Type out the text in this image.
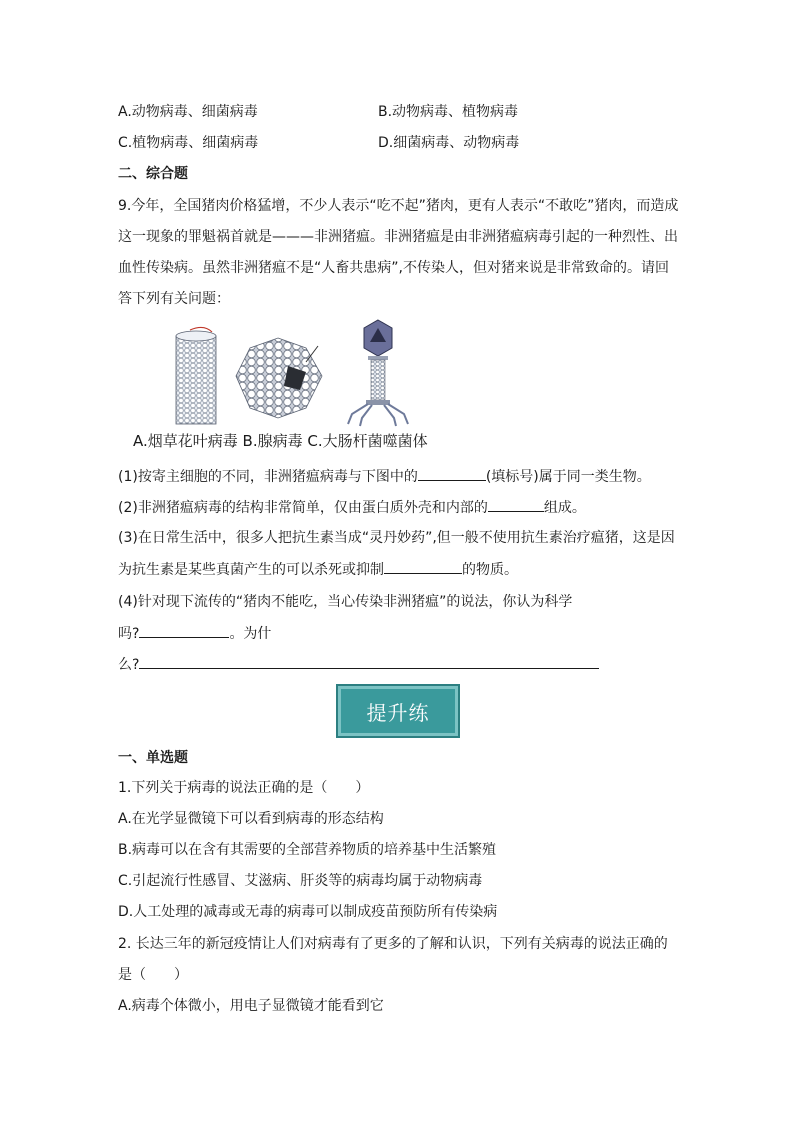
A.动物病毒、细菌病毒	B.动物病毒、植物病毒
C.植物病毒、细菌病毒	D.细菌病毒、动物病毒
二、综合题
9.今年，全国猪肉价格猛增，不少人表示“吃不起”猪肉，更有人表示“不敢吃”猪肉，而造成
这一现象的罪魁祸首就是———非洲猪瘟。非洲猪瘟是由非洲猪瘟病毒引起的一种烈性、出
血性传染病。虽然非洲猪瘟不是“人畜共患病”,不传染人，但对猪来说是非常致命的。请回
答下列有关问题：
A.烟草花叶病毒 B.腺病毒 C.大肠杆菌噬菌体
(1)按寄主细胞的不同，非洲猪瘟病毒与下图中的	(填标号)属于同一类生物。
(2)非洲猪瘟病毒的结构非常简单，仅由蛋白质外壳和内部的	组成。
(3)在日常生活中，很多人把抗生素当成“灵丹妙药”,但一般不使用抗生素治疗瘟猪，这是因
为抗生素是某些真菌产生的可以杀死或抑制	的物质。
(4)针对现下流传的“猪肉不能吃，当心传染非洲猪瘟”的说法，你认为科学
吗?	。为什
么?
提升练
一、单选题
1.下列关于病毒的说法正确的是（　　）
A.在光学显微镜下可以看到病毒的形态结构
B.病毒可以在含有其需要的全部营养物质的培养基中生活繁殖
C.引起流行性感冒、艾滋病、肝炎等的病毒均属于动物病毒
D.人工处理的减毒或无毒的病毒可以制成疫苗预防所有传染病
2. 长达三年的新冠疫情让人们对病毒有了更多的了解和认识，下列有关病毒的说法正确的
是（　　）
A.病毒个体微小，用电子显微镜才能看到它
